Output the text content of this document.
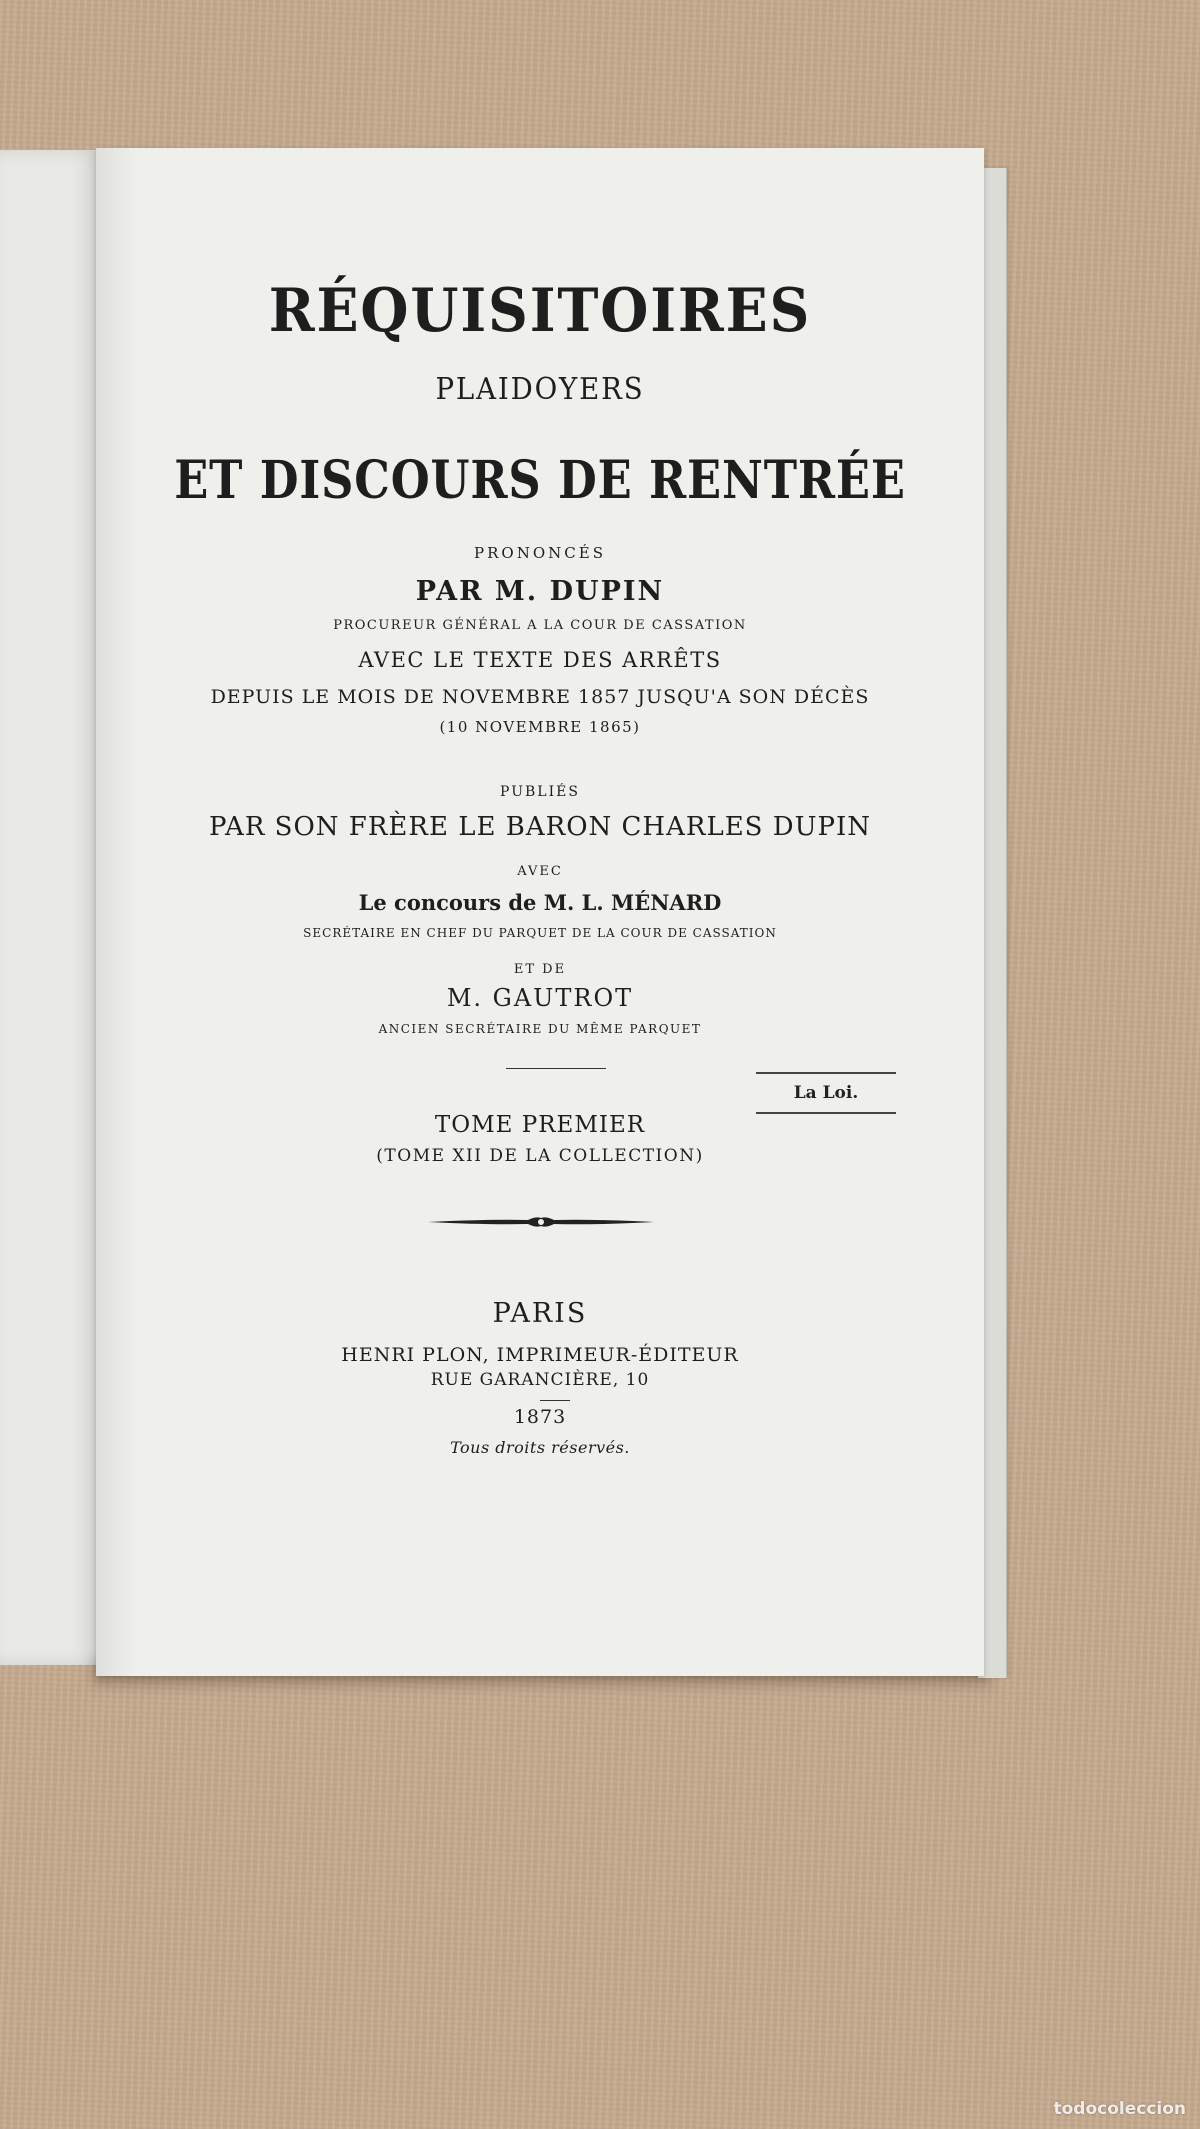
RÉQUISITOIRES

PLAIDOYERS

ET DISCOURS DE RENTRÉE

PRONONCÉS

PAR M. DUPIN

PROCUREUR GÉNÉRAL A LA COUR DE CASSATION

AVEC LE TEXTE DES ARRÊTS

DEPUIS LE MOIS DE NOVEMBRE 1857 JUSQU'A SON DÉCÈS

(10 NOVEMBRE 1865)

PUBLIÉS

PAR SON FRÈRE LE BARON CHARLES DUPIN

AVEC

Le concours de M. L. MÉNARD

SECRÉTAIRE EN CHEF DU PARQUET DE LA COUR DE CASSATION

ET DE

M. GAUTROT

ANCIEN SECRÉTAIRE DU MÊME PARQUET

La Loi.

TOME PREMIER

(TOME XII DE LA COLLECTION)

PARIS

HENRI PLON, IMPRIMEUR-ÉDITEUR

RUE GARANCIÈRE, 10

1873

Tous droits réservés.

todocoleccion
